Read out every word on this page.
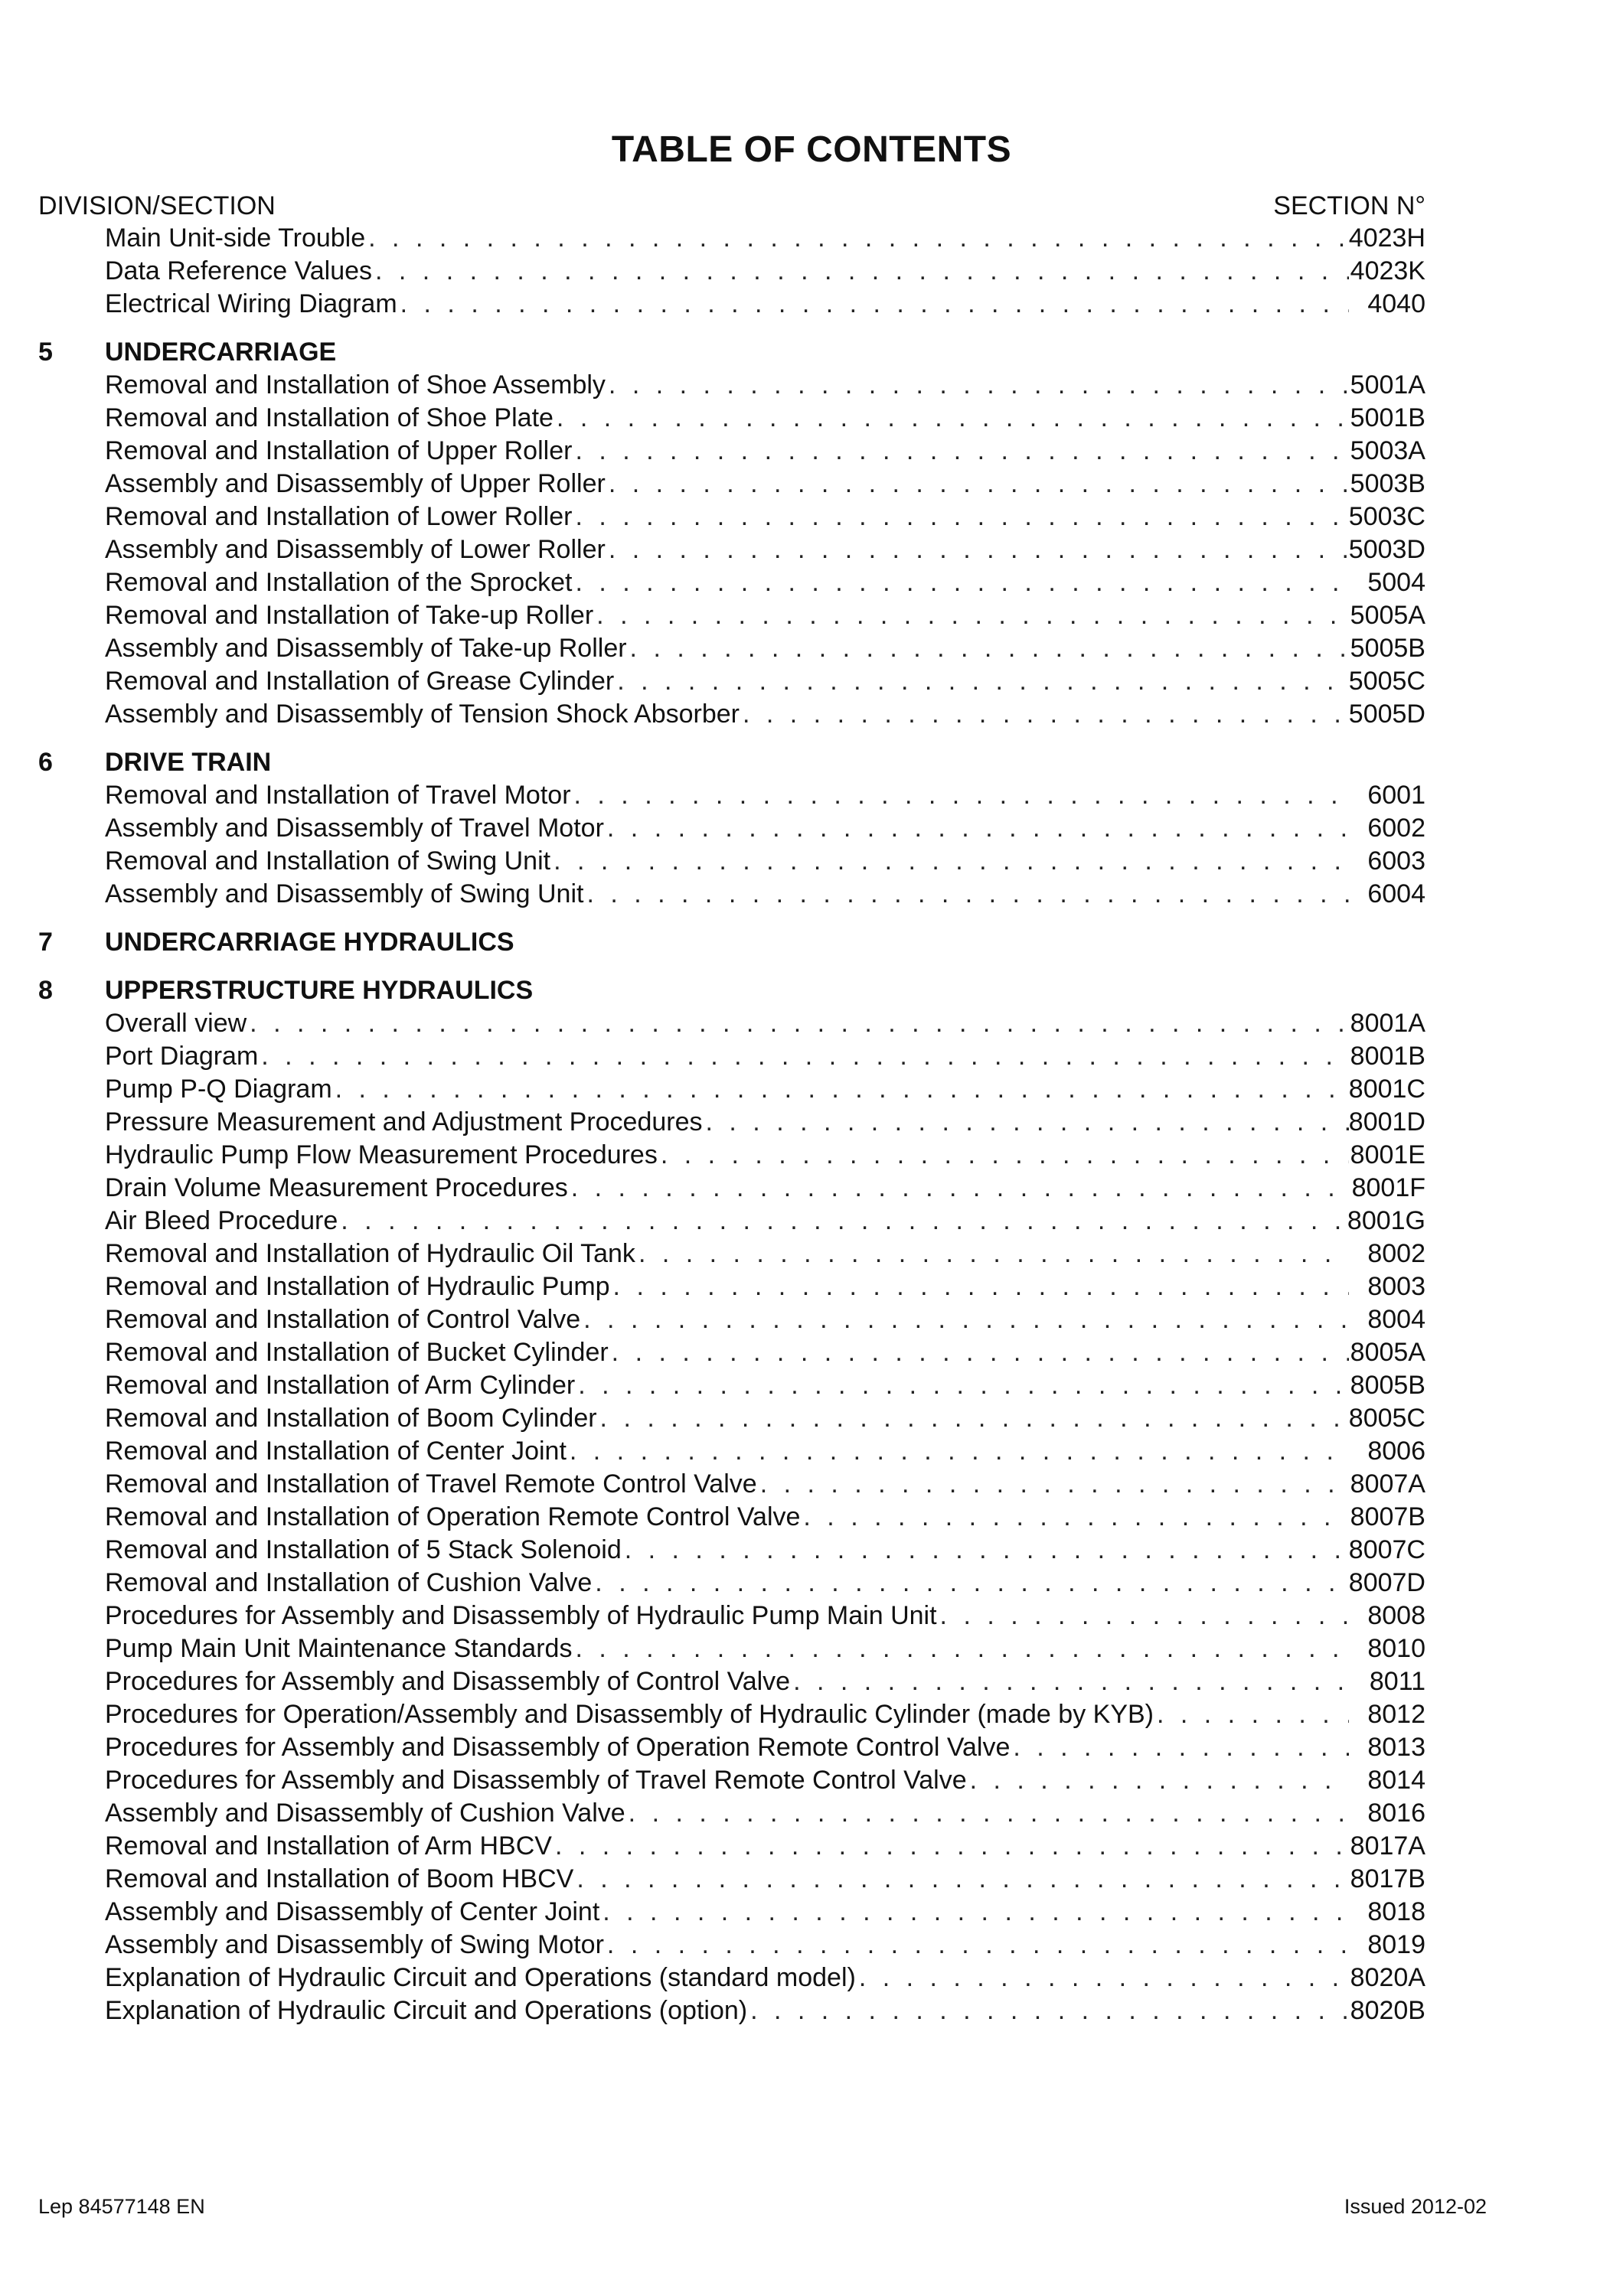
TABLE OF CONTENTS
DIVISION/SECTION	SECTION N°
Main Unit-side Trouble . . .	4023H
Data Reference Values . . .	4023K
Electrical Wiring Diagram . . .	4040
5	UNDERCARRIAGE
Removal and Installation of Shoe Assembly . . .	5001A
Removal and Installation of Shoe Plate . . .	5001B
Removal and Installation of Upper Roller . . .	5003A
Assembly and Disassembly of Upper Roller . . .	5003B
Removal and Installation of Lower Roller . . .	5003C
Assembly and Disassembly of Lower Roller . . .	5003D
Removal and Installation of the Sprocket . . .	5004
Removal and Installation of Take-up Roller . . .	5005A
Assembly and Disassembly of Take-up Roller . . .	5005B
Removal and Installation of Grease Cylinder . . .	5005C
Assembly and Disassembly of Tension Shock Absorber . . .	5005D
6	DRIVE TRAIN
Removal and Installation of Travel Motor . . .	6001
Assembly and Disassembly of Travel Motor . . .	6002
Removal and Installation of Swing Unit . . .	6003
Assembly and Disassembly of Swing Unit . . .	6004
7	UNDERCARRIAGE HYDRAULICS
8	UPPERSTRUCTURE HYDRAULICS
Overall view . . .	8001A
Port Diagram . . .	8001B
Pump P-Q Diagram . . .	8001C
Pressure Measurement and Adjustment Procedures . . .	8001D
Hydraulic Pump Flow Measurement Procedures . . .	8001E
Drain Volume Measurement Procedures . . .	8001F
Air Bleed Procedure . . .	8001G
Removal and Installation of Hydraulic Oil Tank . . .	8002
Removal and Installation of Hydraulic Pump . . .	8003
Removal and Installation of Control Valve . . .	8004
Removal and Installation of Bucket Cylinder . . .	8005A
Removal and Installation of Arm Cylinder . . .	8005B
Removal and Installation of Boom Cylinder . . .	8005C
Removal and Installation of Center Joint . . .	8006
Removal and Installation of Travel Remote Control Valve . . .	8007A
Removal and Installation of Operation Remote Control Valve . . .	8007B
Removal and Installation of 5 Stack Solenoid . . .	8007C
Removal and Installation of Cushion Valve . . .	8007D
Procedures for Assembly and Disassembly of Hydraulic Pump Main Unit . . .	8008
Pump Main Unit Maintenance Standards . . .	8010
Procedures for Assembly and Disassembly of Control Valve . . .	8011
Procedures for Operation/Assembly and Disassembly of Hydraulic Cylinder (made by KYB) . . .	8012
Procedures for Assembly and Disassembly of Operation Remote Control Valve . . .	8013
Procedures for Assembly and Disassembly of Travel Remote Control Valve . . .	8014
Assembly and Disassembly of Cushion Valve . . .	8016
Removal and Installation of Arm HBCV . . .	8017A
Removal and Installation of Boom HBCV . . .	8017B
Assembly and Disassembly of Center Joint . . .	8018
Assembly and Disassembly of Swing Motor . . .	8019
Explanation of Hydraulic Circuit and Operations (standard model) . . .	8020A
Explanation of Hydraulic Circuit and Operations (option) . . .	8020B
Lep 84577148 EN	Issued 2012-02
